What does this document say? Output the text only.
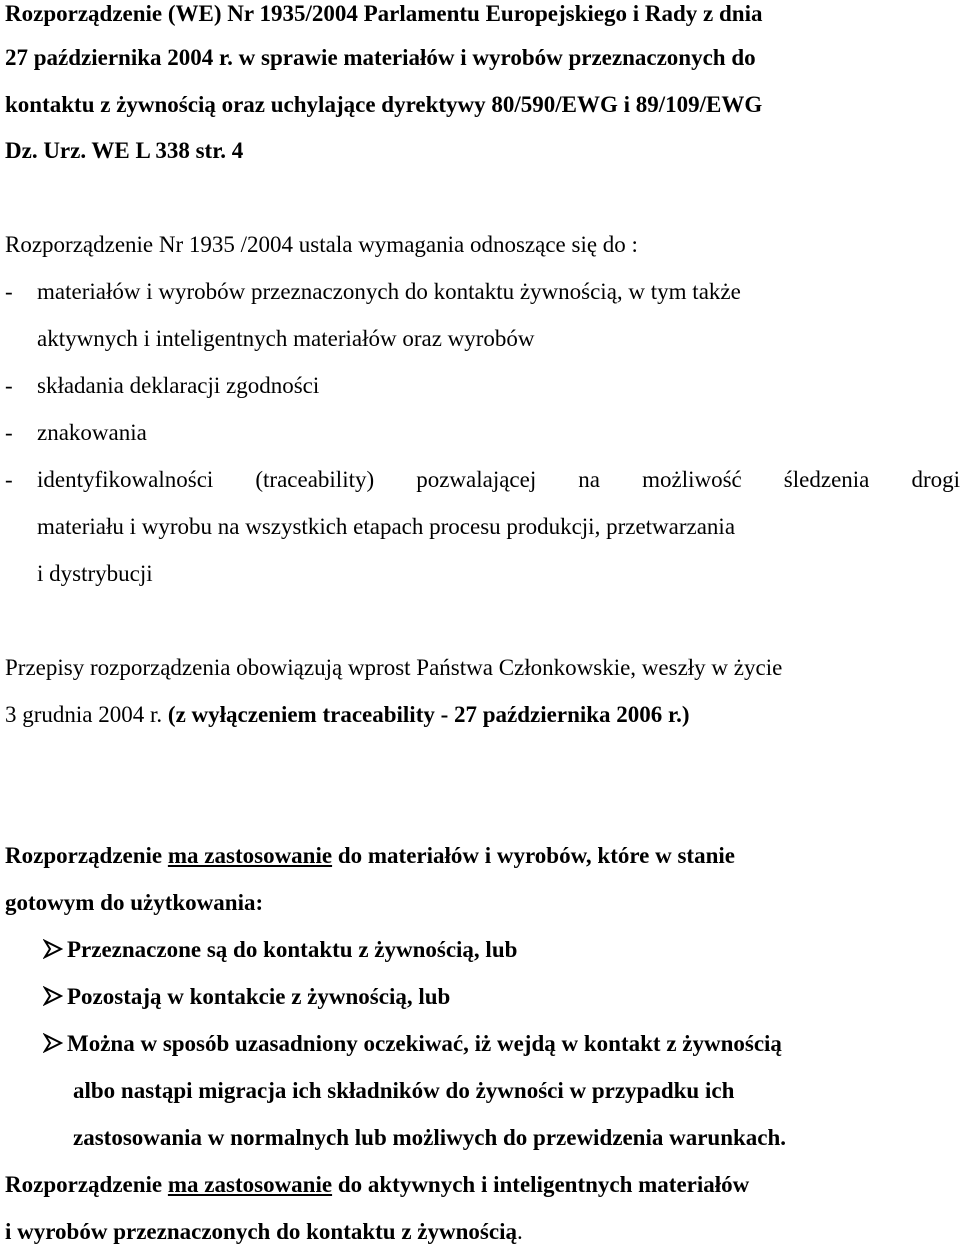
Rozporządzenie (WE) Nr 1935/2004 Parlamentu Europejskiego i Rady z dnia
27 października 2004 r. w sprawie materiałów i wyrobów przeznaczonych do
kontaktu z żywnością oraz uchylające dyrektywy 80/590/EWG i 89/109/EWG
Dz. Urz. WE L 338 str. 4
Rozporządzenie Nr 1935 /2004 ustala wymagania odnoszące się do :
- materiałów i wyrobów przeznaczonych do kontaktu żywnością, w tym także
aktywnych i inteligentnych materiałów oraz wyrobów
- składania deklaracji zgodności
- znakowania
- identyfikowalności (traceability) pozwalającej na możliwość śledzenia drogi
materiału i wyrobu na wszystkich etapach procesu produkcji, przetwarzania
i dystrybucji
Przepisy rozporządzenia obowiązują wprost Państwa Członkowskie, weszły w życie
3 grudnia 2004 r. (z wyłączeniem traceability - 27 października 2006 r.)
Rozporządzenie ma zastosowanie do materiałów i wyrobów, które w stanie
gotowym do użytkowania:
Przeznaczone są do kontaktu z żywnością, lub
Pozostają w kontakcie z żywnością, lub
Można w sposób uzasadniony oczekiwać, iż wejdą w kontakt z żywnością
albo nastąpi migracja ich składników do żywności w przypadku ich
zastosowania w normalnych lub możliwych do przewidzenia warunkach.
Rozporządzenie ma zastosowanie do aktywnych i inteligentnych materiałów
i wyrobów przeznaczonych do kontaktu z żywnością.
